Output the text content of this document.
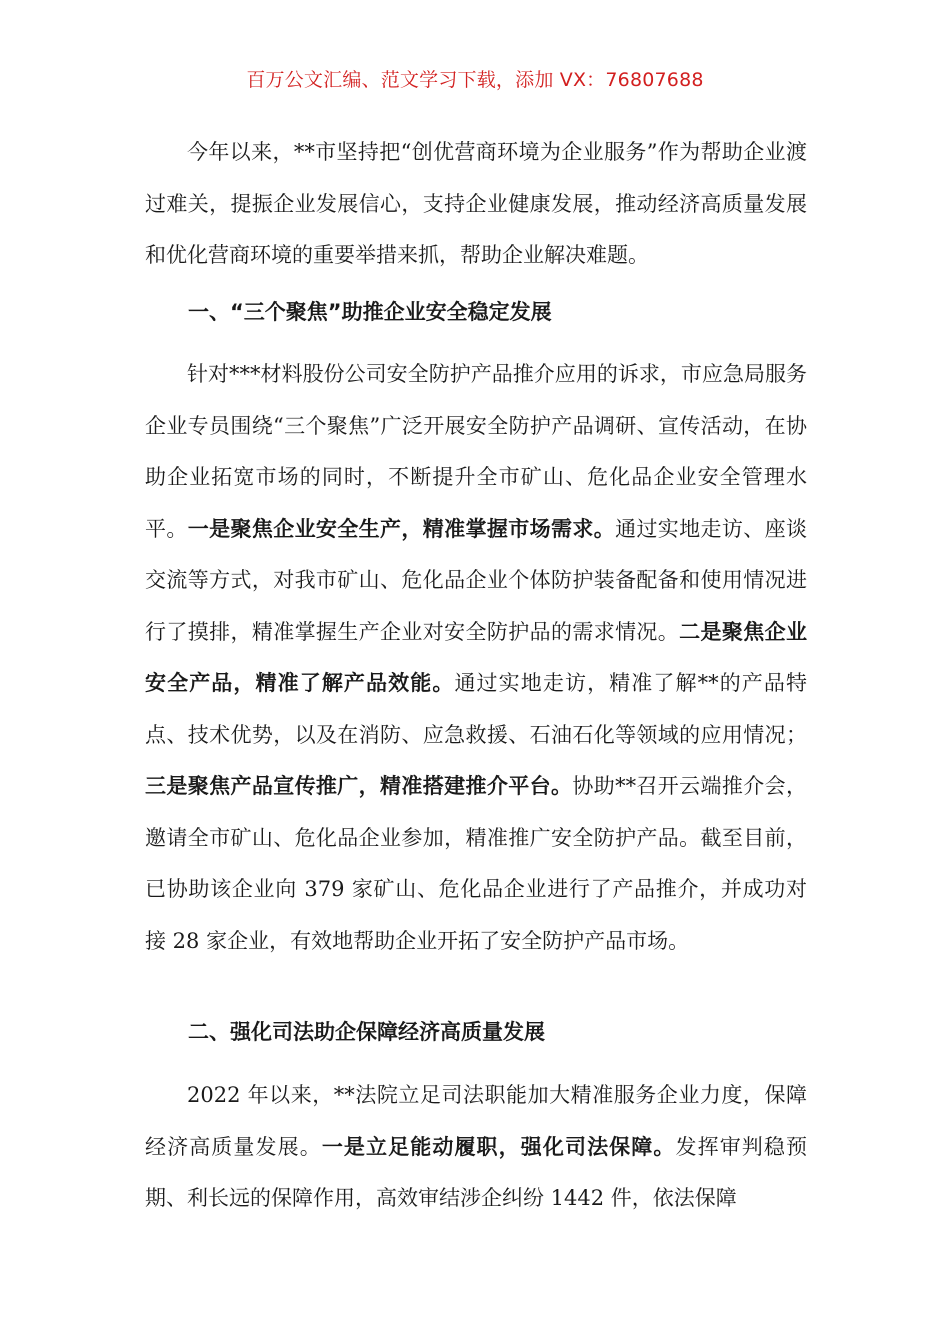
百万公文汇编、范文学习下载，添加 VX：76807688

今年以来，**市坚持把“创优营商环境为企业服务”作为帮助企业渡过难关，提振企业发展信心，支持企业健康发展，推动经济高质量发展和优化营商环境的重要举措来抓，帮助企业解决难题。

一、“三个聚焦”助推企业安全稳定发展

针对***材料股份公司安全防护产品推介应用的诉求，市应急局服务企业专员围绕“三个聚焦”广泛开展安全防护产品调研、宣传活动，在协助企业拓宽市场的同时，不断提升全市矿山、危化品企业安全管理水平。一是聚焦企业安全生产，精准掌握市场需求。通过实地走访、座谈交流等方式，对我市矿山、危化品企业个体防护装备配备和使用情况进行了摸排，精准掌握生产企业对安全防护品的需求情况。二是聚焦企业安全产品，精准了解产品效能。通过实地走访，精准了解**的产品特点、技术优势，以及在消防、应急救援、石油石化等领域的应用情况；三是聚焦产品宣传推广，精准搭建推介平台。协助**召开云端推介会，邀请全市矿山、危化品企业参加，精准推广安全防护产品。截至目前，已协助该企业向 379 家矿山、危化品企业进行了产品推介，并成功对接 28 家企业，有效地帮助企业开拓了安全防护产品市场。

二、强化司法助企保障经济高质量发展

2022 年以来，**法院立足司法职能加大精准服务企业力度，保障经济高质量发展。一是立足能动履职，强化司法保障。发挥审判稳预期、利长远的保障作用，高效审结涉企纠纷 1442 件，依法保障
